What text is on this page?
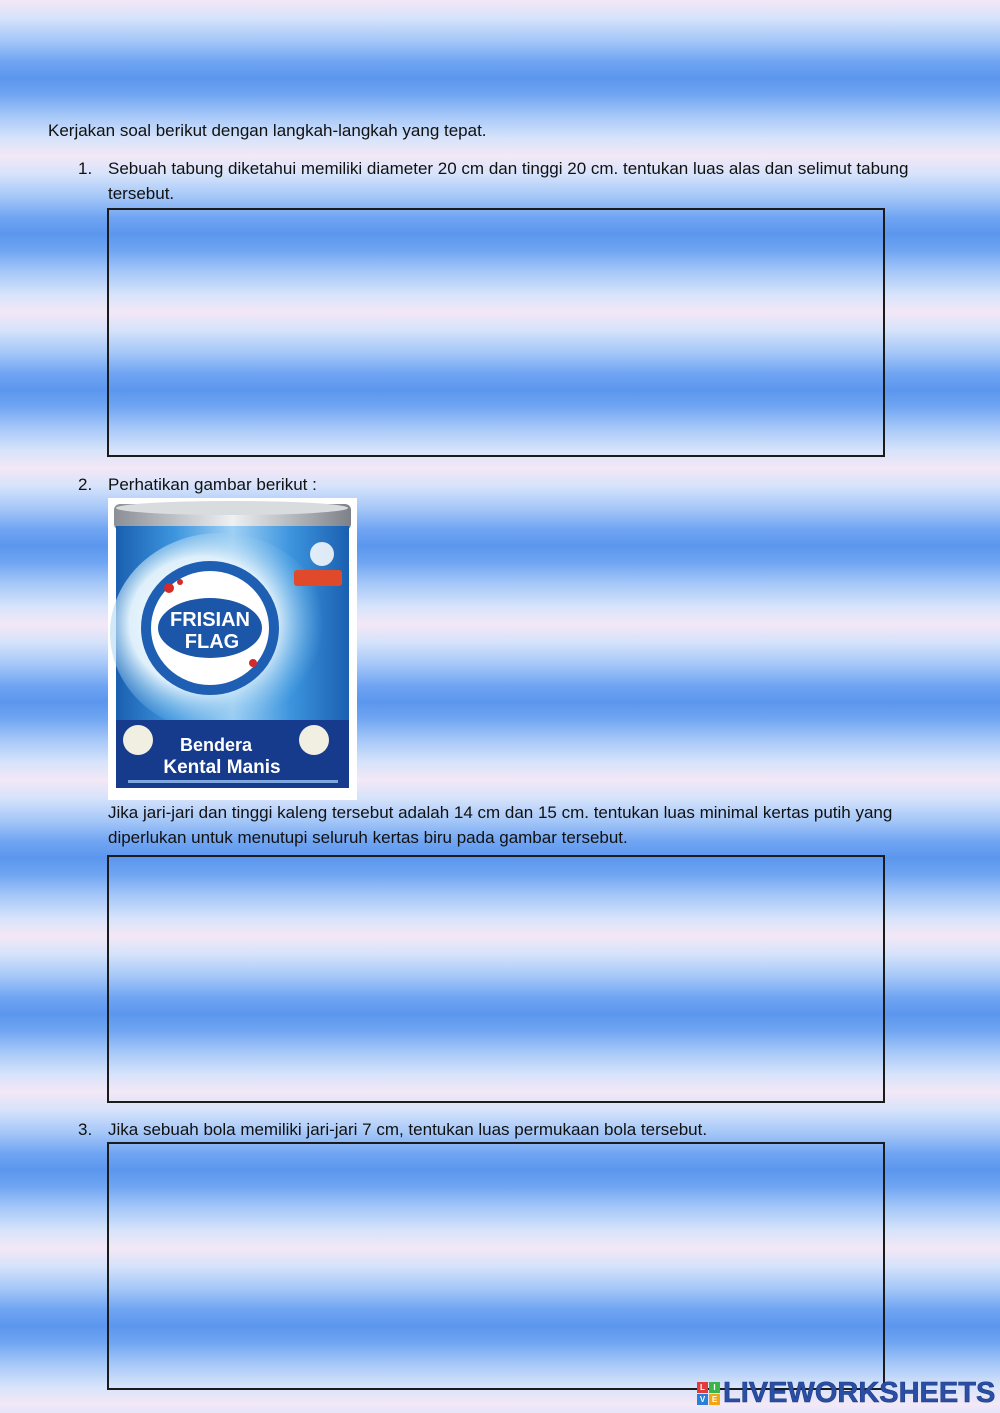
Kerjakan soal berikut dengan langkah-langkah yang tepat.
1. Sebuah tabung diketahui memiliki diameter 20 cm dan tinggi 20 cm. tentukan luas alas dan selimut tabung tersebut.
2. Perhatikan gambar berikut :
FRISIAN
FLAG
Bendera
Kental Manis
Jika jari-jari dan tinggi kaleng tersebut adalah 14 cm dan 15 cm. tentukan luas minimal kertas putih yang diperlukan untuk menutupi seluruh kertas biru pada gambar tersebut.
3. Jika sebuah bola memiliki jari-jari 7 cm, tentukan luas permukaan bola tersebut.
L	I
V E LIVEWORKSHEETS
